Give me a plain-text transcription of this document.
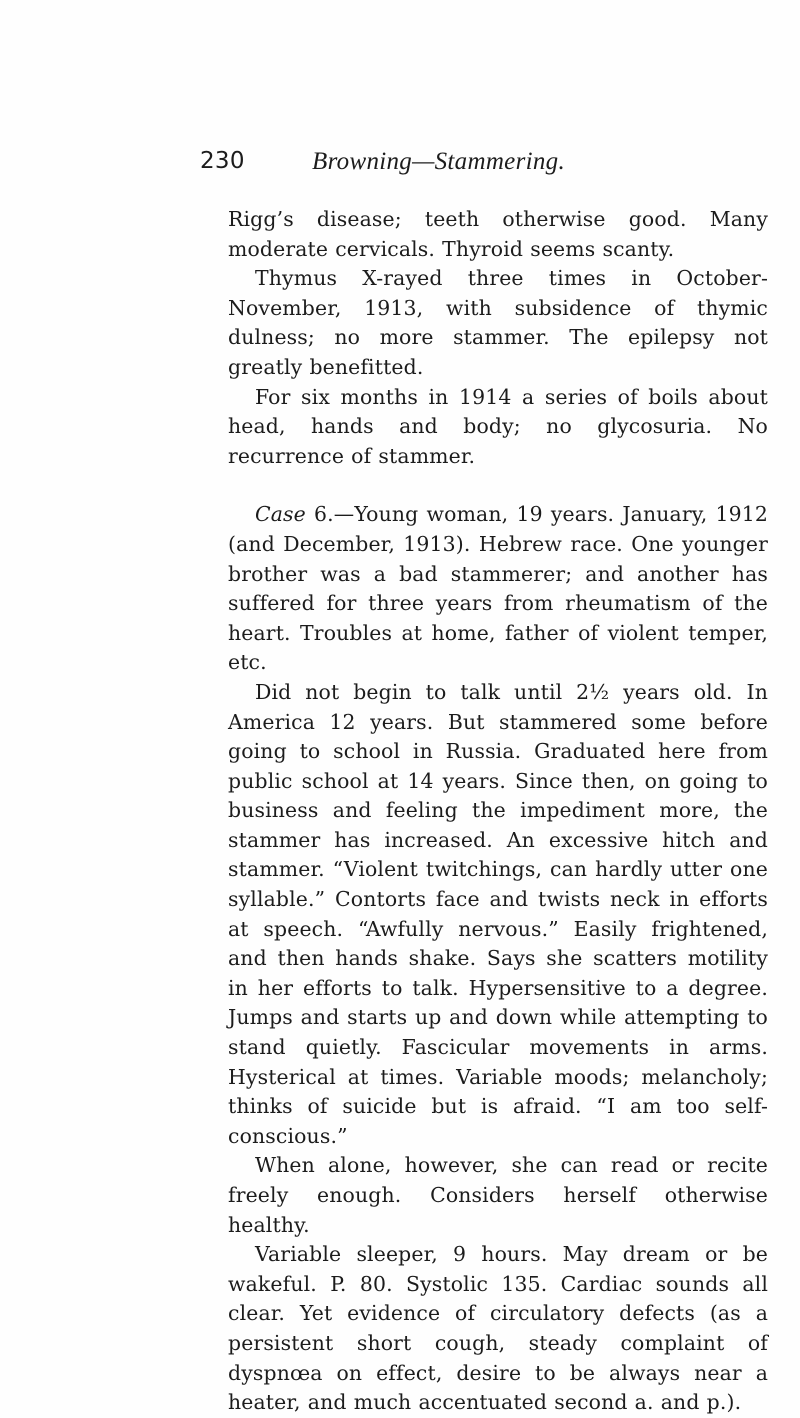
230	Browning—Stammering.

Rigg’s disease; teeth otherwise good. Many moderate cervicals. Thyroid seems scanty.

Thymus X-rayed three times in October-November, 1913, with subsidence of thymic dulness; no more stammer. The epilepsy not greatly benefitted.

For six months in 1914 a series of boils about head, hands and body; no glycosuria. No recurrence of stammer.

Case 6.—Young woman, 19 years. January, 1912 (and December, 1913). Hebrew race. One younger brother was a bad stammerer; and another has suffered for three years from rheumatism of the heart. Troubles at home, father of violent temper, etc.

Did not begin to talk until 2½ years old. In America 12 years. But stammered some before going to school in Russia. Graduated here from public school at 14 years. Since then, on going to business and feeling the impediment more, the stammer has increased. An excessive hitch and stammer. “Violent twitchings, can hardly utter one syllable.” Contorts face and twists neck in efforts at speech. “Awfully nervous.” Easily frightened, and then hands shake. Says she scatters motility in her efforts to talk. Hypersensitive to a degree. Jumps and starts up and down while attempting to stand quietly. Fascicular movements in arms. Hysterical at times. Variable moods; melancholy; thinks of suicide but is afraid. “I am too self-conscious.”

When alone, however, she can read or recite freely enough. Considers herself otherwise healthy.

Variable sleeper, 9 hours. May dream or be wakeful. P. 80. Systolic 135. Cardiac sounds all clear. Yet evidence of circulatory defects (as a persistent short cough, steady complaint of dyspnœa on effect, desire to be always near a heater, and much accentuated second a. and p.).
